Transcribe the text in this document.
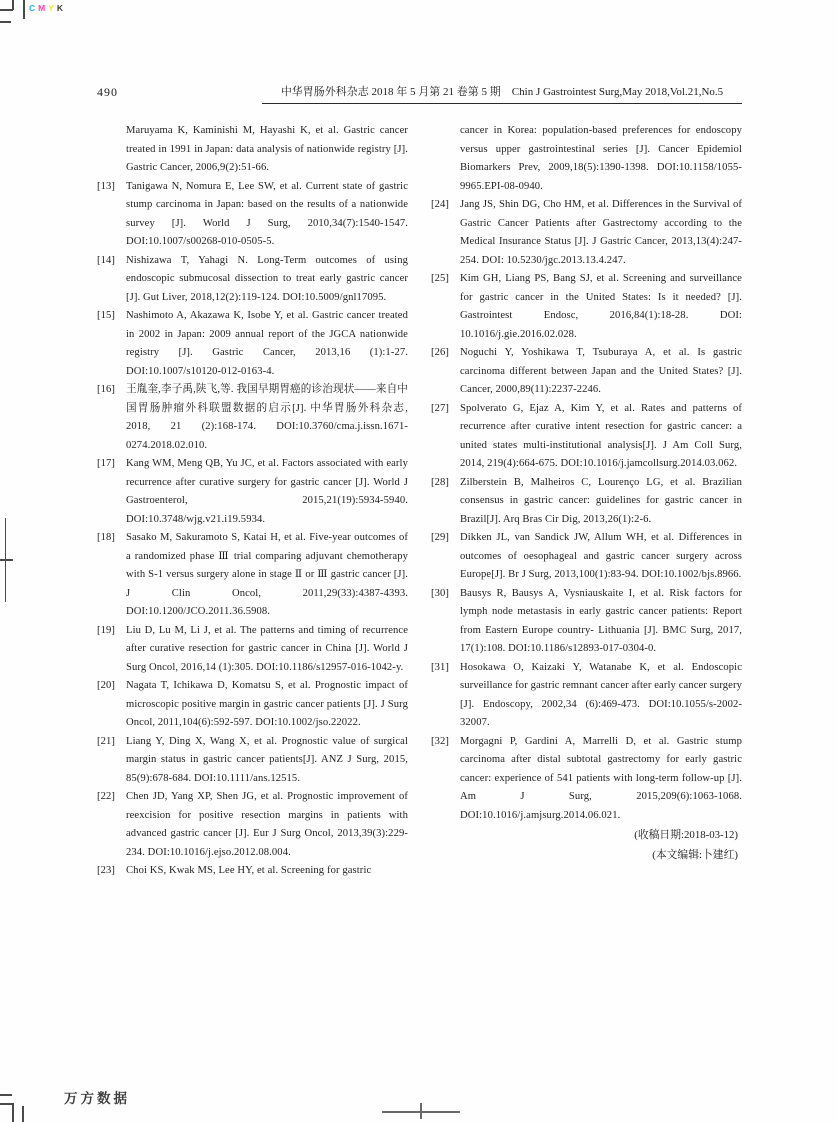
C M Y K
490	中华胃肠外科杂志 2018 年 5 月第 21 卷第 5 期　Chin J Gastrointest Surg,May 2018,Vol.21,No.5
Maruyama K, Kaminishi M, Hayashi K, et al. Gastric cancer treated in 1991 in Japan: data analysis of nationwide registry [J]. Gastric Cancer, 2006,9(2):51-66.
[13] Tanigawa N, Nomura E, Lee SW, et al. Current state of gastric stump carcinoma in Japan: based on the results of a nationwide survey [J]. World J Surg, 2010,34(7):1540-1547. DOI:10.1007/s00268-010-0505-5.
[14] Nishizawa T, Yahagi N. Long-Term outcomes of using endoscopic submucosal dissection to treat early gastric cancer [J]. Gut Liver, 2018,12(2):119-124. DOI:10.5009/gnl17095.
[15] Nashimoto A, Akazawa K, Isobe Y, et al. Gastric cancer treated in 2002 in Japan: 2009 annual report of the JGCA nationwide registry [J]. Gastric Cancer, 2013,16 (1):1-27. DOI:10.1007/s10120-012-0163-4.
[16] 王胤奎,李子禹,陕飞,等. 我国早期胃癌的诊治现状——来自中国胃肠肿瘤外科联盟数据的启示[J]. 中华胃肠外科杂志, 2018, 21 (2):168-174. DOI:10.3760/cma.j.issn.1671-0274.2018.02.010.
[17] Kang WM, Meng QB, Yu JC, et al. Factors associated with early recurrence after curative surgery for gastric cancer [J]. World J Gastroenterol, 2015,21(19):5934-5940. DOI:10.3748/wjg.v21.i19.5934.
[18] Sasako M, Sakuramoto S, Katai H, et al. Five-year outcomes of a randomized phase Ⅲ trial comparing adjuvant chemotherapy with S-1 versus surgery alone in stage Ⅱ or Ⅲ gastric cancer [J]. J Clin Oncol, 2011,29(33):4387-4393. DOI:10.1200/JCO.2011.36.5908.
[19] Liu D, Lu M, Li J, et al. The patterns and timing of recurrence after curative resection for gastric cancer in China [J]. World J Surg Oncol, 2016,14 (1):305. DOI:10.1186/s12957-016-1042-y.
[20] Nagata T, Ichikawa D, Komatsu S, et al. Prognostic impact of microscopic positive margin in gastric cancer patients [J]. J Surg Oncol, 2011,104(6):592-597. DOI:10.1002/jso.22022.
[21] Liang Y, Ding X, Wang X, et al. Prognostic value of surgical margin status in gastric cancer patients[J]. ANZ J Surg, 2015, 85(9):678-684. DOI:10.1111/ans.12515.
[22] Chen JD, Yang XP, Shen JG, et al. Prognostic improvement of reexcision for positive resection margins in patients with advanced gastric cancer [J]. Eur J Surg Oncol, 2013,39(3):229-234. DOI:10.1016/j.ejso.2012.08.004.
[23] Choi KS, Kwak MS, Lee HY, et al. Screening for gastric
cancer in Korea: population-based preferences for endoscopy versus upper gastrointestinal series [J]. Cancer Epidemiol Biomarkers Prev, 2009,18(5):1390-1398. DOI:10.1158/1055-9965.EPI-08-0940.
[24] Jang JS, Shin DG, Cho HM, et al. Differences in the Survival of Gastric Cancer Patients after Gastrectomy according to the Medical Insurance Status [J]. J Gastric Cancer, 2013,13(4):247-254. DOI: 10.5230/jgc.2013.13.4.247.
[25] Kim GH, Liang PS, Bang SJ, et al. Screening and surveillance for gastric cancer in the United States: Is it needed? [J]. Gastrointest Endosc, 2016,84(1):18-28. DOI: 10.1016/j.gie.2016.02.028.
[26] Noguchi Y, Yoshikawa T, Tsuburaya A, et al. Is gastric carcinoma different between Japan and the United States? [J]. Cancer, 2000,89(11):2237-2246.
[27] Spolverato G, Ejaz A, Kim Y, et al. Rates and patterns of recurrence after curative intent resection for gastric cancer: a united states multi-institutional analysis[J]. J Am Coll Surg, 2014, 219(4):664-675. DOI:10.1016/j.jamcollsurg.2014.03.062.
[28] Zilberstein B, Malheiros C, Lourenço LG, et al. Brazilian consensus in gastric cancer: guidelines for gastric cancer in Brazil[J]. Arq Bras Cir Dig, 2013,26(1):2-6.
[29] Dikken JL, van Sandick JW, Allum WH, et al. Differences in outcomes of oesophageal and gastric cancer surgery across Europe[J]. Br J Surg, 2013,100(1):83-94. DOI:10.1002/bjs.8966.
[30] Bausys R, Bausys A, Vysniauskaite I, et al. Risk factors for lymph node metastasis in early gastric cancer patients: Report from Eastern Europe country- Lithuania [J]. BMC Surg, 2017, 17(1):108. DOI:10.1186/s12893-017-0304-0.
[31] Hosokawa O, Kaizaki Y, Watanabe K, et al. Endoscopic surveillance for gastric remnant cancer after early cancer surgery [J]. Endoscopy, 2002,34 (6):469-473. DOI:10.1055/s-2002-32007.
[32] Morgagni P, Gardini A, Marrelli D, et al. Gastric stump carcinoma after distal subtotal gastrectomy for early gastric cancer: experience of 541 patients with long-term follow-up [J]. Am J Surg, 2015,209(6):1063-1068. DOI:10.1016/j.amjsurg.2014.06.021.
(收稿日期:2018-03-12)
(本文编辑:卜建红)
万方数据
